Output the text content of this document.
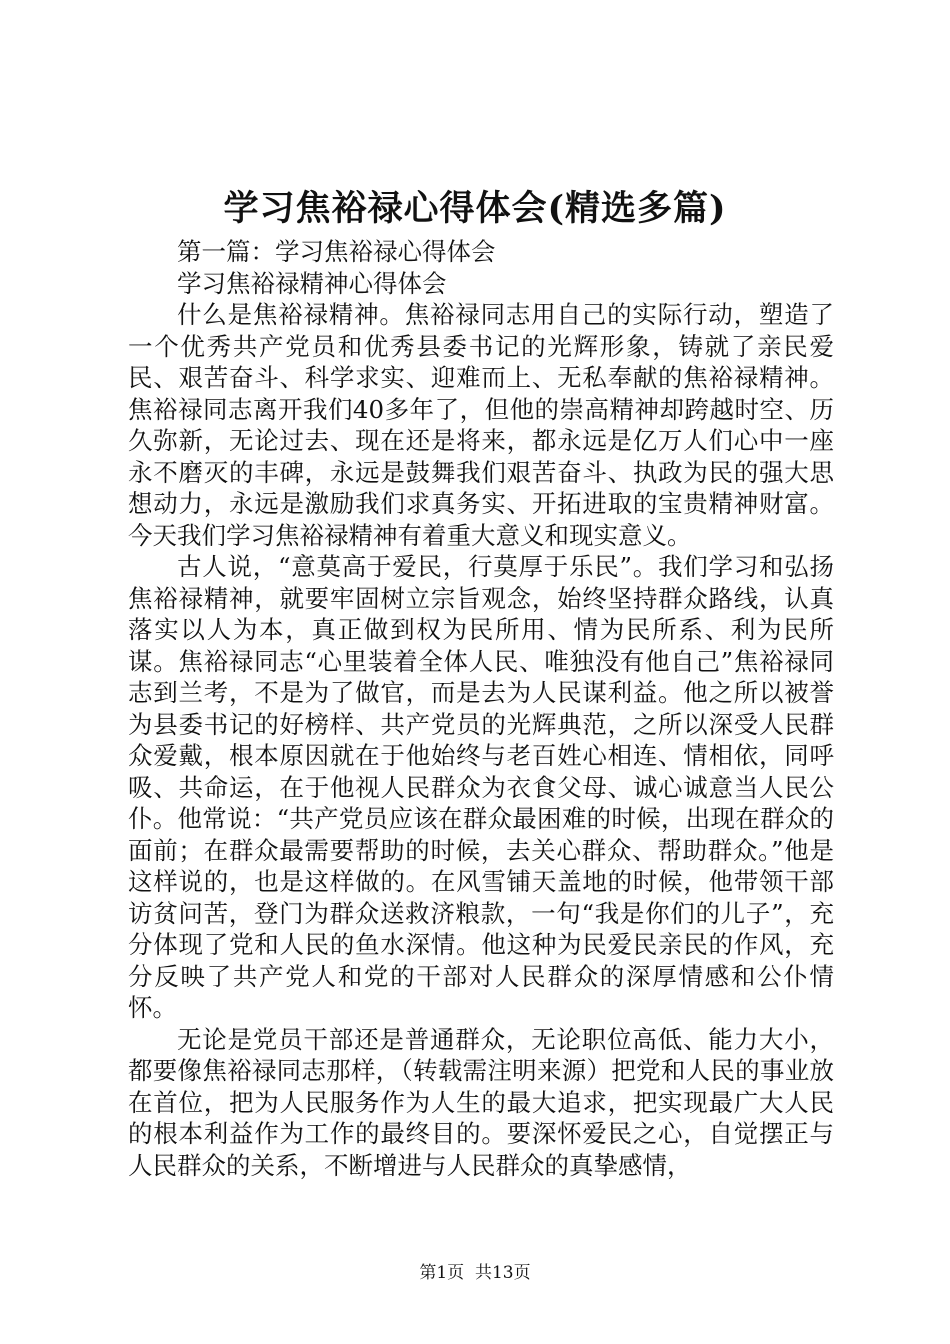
学习焦裕禄心得体会(精选多篇)

第一篇：学习焦裕禄心得体会

学习焦裕禄精神心得体会

什么是焦裕禄精神。焦裕禄同志用自己的实际行动，塑造了一个优秀共产党员和优秀县委书记的光辉形象，铸就了亲民爱民、艰苦奋斗、科学求实、迎难而上、无私奉献的焦裕禄精神。焦裕禄同志离开我们40多年了，但他的崇高精神却跨越时空、历久弥新，无论过去、现在还是将来，都永远是亿万人们心中一座永不磨灭的丰碑，永远是鼓舞我们艰苦奋斗、执政为民的强大思想动力，永远是激励我们求真务实、开拓进取的宝贵精神财富。今天我们学习焦裕禄精神有着重大意义和现实意义。

古人说，“意莫高于爱民，行莫厚于乐民”。我们学习和弘扬焦裕禄精神，就要牢固树立宗旨观念，始终坚持群众路线，认真落实以人为本，真正做到权为民所用、情为民所系、利为民所谋。焦裕禄同志“心里装着全体人民、唯独没有他自己”焦裕禄同志到兰考，不是为了做官，而是去为人民谋利益。他之所以被誉为县委书记的好榜样、共产党员的光辉典范，之所以深受人民群众爱戴，根本原因就在于他始终与老百姓心相连、情相依，同呼吸、共命运，在于他视人民群众为衣食父母、诚心诚意当人民公仆。他常说：“共产党员应该在群众最困难的时候，出现在群众的面前；在群众最需要帮助的时候，去关心群众、帮助群众。”他是这样说的，也是这样做的。在风雪铺天盖地的时候，他带领干部访贫问苦，登门为群众送救济粮款，一句“我是你们的儿子”，充分体现了党和人民的鱼水深情。他这种为民爱民亲民的作风，充分反映了共产党人和党的干部对人民群众的深厚情感和公仆情怀。

无论是党员干部还是普通群众，无论职位高低、能力大小，都要像焦裕禄同志那样，（转载需注明来源）把党和人民的事业放在首位，把为人民服务作为人生的最大追求，把实现最广大人民的根本利益作为工作的最终目的。要深怀爱民之心，自觉摆正与人民群众的关系，不断增进与人民群众的真挚感情，

第1页  共13页
